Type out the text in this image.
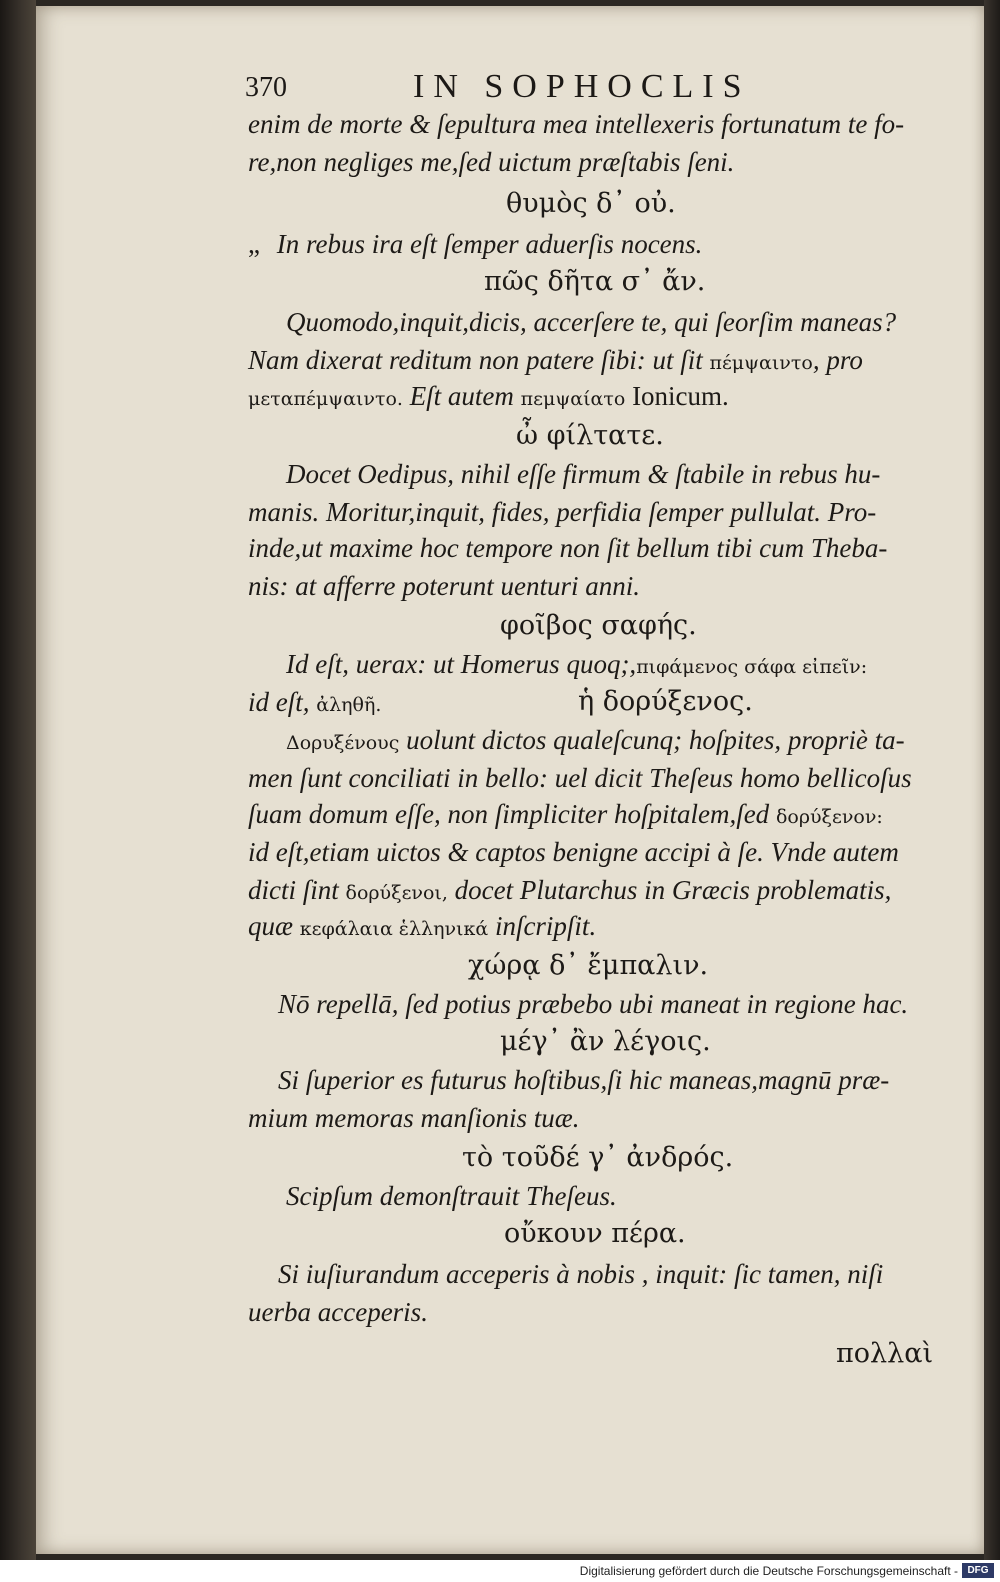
370	IN SOPHOCLIS
enim de morte & ſepultura mea intellexeris fortunatum te fo-
re,non negliges me,ſed uictum præſtabis ſeni.
θυμὸς δ᾽ οὐ.
„ In rebus ira eſt ſemper aduerſis nocens.
πῶς δῆτα σ᾽ ἄν.
Quomodo,inquit,dicis, accerſere te, qui ſeorſim maneas?
Nam dixerat reditum non patere ſibi: ut ſit πέμψαιντο, pro
μεταπέμψαιντο. Eſt autem πεμψαίατο Ionicum.
ὦ φίλτατε.
Docet Oedipus, nihil eſſe firmum & ſtabile in rebus hu-
manis. Moritur,inquit, fides, perfidia ſemper pullulat. Pro-
inde,ut maxime hoc tempore non ſit bellum tibi cum Theba-
nis: at afferre poterunt uenturi anni.
φοῖβος σαφής.
Id eſt, uerax: ut Homerus quoq;,πιφάμενος σάφα εἰπεῖν:
id eſt, ἀληθῆ.	ἡ δορύξενος.
Δορυξένους uolunt dictos qualeſcunq; hoſpites, propriè ta-
men ſunt conciliati in bello: uel dicit Theſeus homo bellicoſus
ſuam domum eſſe, non ſimpliciter hoſpitalem,ſed δορύξενον:
id eſt,etiam uictos & captos benigne accipi à ſe. Vnde autem
dicti ſint δορύξενοι, docet Plutarchus in Græcis problematis,
quæ κεφάλαια ἑλληνικά inſcripſit.
χώρᾳ δ᾽ ἔμπαλιν.
Nō repellā, ſed potius præbebo ubi maneat in regione hac.
μέγ᾽ ἂν λέγοις.
Si ſuperior es futurus hoſtibus,ſi hic maneas,magnū præ-
mium memoras manſionis tuæ.
τὸ τοῦδέ γ᾽ ἀνδρός.
Scipſum demonſtrauit Theſeus.
οὔκουν πέρα.
Si iuſiurandum acceperis à nobis , inquit: ſic tamen, niſi
uerba acceperis.
πολλαὶ
Digitalisierung gefördert durch die Deutsche Forschungsgemeinschaft - DFG
